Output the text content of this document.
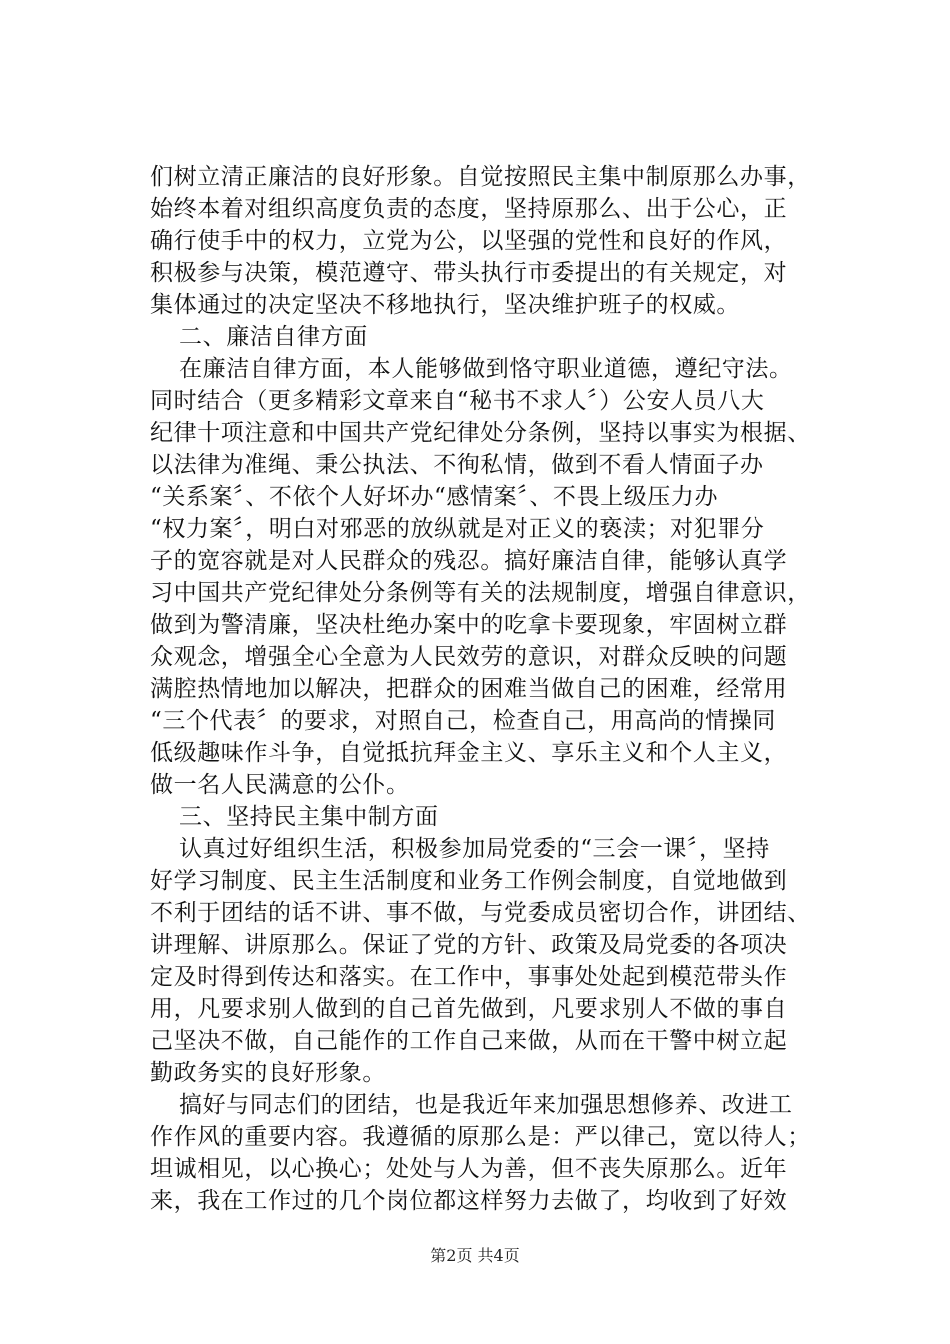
们树立清正廉洁的良好形象。自觉按照民主集中制原那么办事，
始终本着对组织高度负责的态度，坚持原那么、出于公心，正
确行使手中的权力，立党为公，以坚强的党性和良好的作风，
积极参与决策，模范遵守、带头执行市委提出的有关规定，对
集体通过的决定坚决不移地执行，坚决维护班子的权威。
二、廉洁自律方面
在廉洁自律方面，本人能够做到恪守职业道德，遵纪守法。
同时结合（更多精彩文章来自“秘书不求人〞）公安人员八大
纪律十项注意和中国共产党纪律处分条例，坚持以事实为根据、
以法律为准绳、秉公执法、不徇私情，做到不看人情面子办
“关系案〞、不依个人好坏办“感情案〞、不畏上级压力办
“权力案〞，明白对邪恶的放纵就是对正义的亵渎；对犯罪分
子的宽容就是对人民群众的残忍。搞好廉洁自律，能够认真学
习中国共产党纪律处分条例等有关的法规制度，增强自律意识，
做到为警清廉，坚决杜绝办案中的吃拿卡要现象，牢固树立群
众观念，增强全心全意为人民效劳的意识，对群众反映的问题
满腔热情地加以解决，把群众的困难当做自己的困难，经常用
“三个代表〞的要求，对照自己，检查自己，用高尚的情操同
低级趣味作斗争，自觉抵抗拜金主义、享乐主义和个人主义，
做一名人民满意的公仆。
三、坚持民主集中制方面
认真过好组织生活，积极参加局党委的“三会一课〞，坚持
好学习制度、民主生活制度和业务工作例会制度，自觉地做到
不利于团结的话不讲、事不做，与党委成员密切合作，讲团结、
讲理解、讲原那么。保证了党的方针、政策及局党委的各项决
定及时得到传达和落实。在工作中，事事处处起到模范带头作
用，凡要求别人做到的自己首先做到，凡要求别人不做的事自
己坚决不做，自己能作的工作自己来做，从而在干警中树立起
勤政务实的良好形象。
搞好与同志们的团结，也是我近年来加强思想修养、改进工
作作风的重要内容。我遵循的原那么是：严以律己，宽以待人；
坦诚相见，以心换心；处处与人为善，但不丧失原那么。近年
来，我在工作过的几个岗位都这样努力去做了，均收到了好效
第2页 共4页
